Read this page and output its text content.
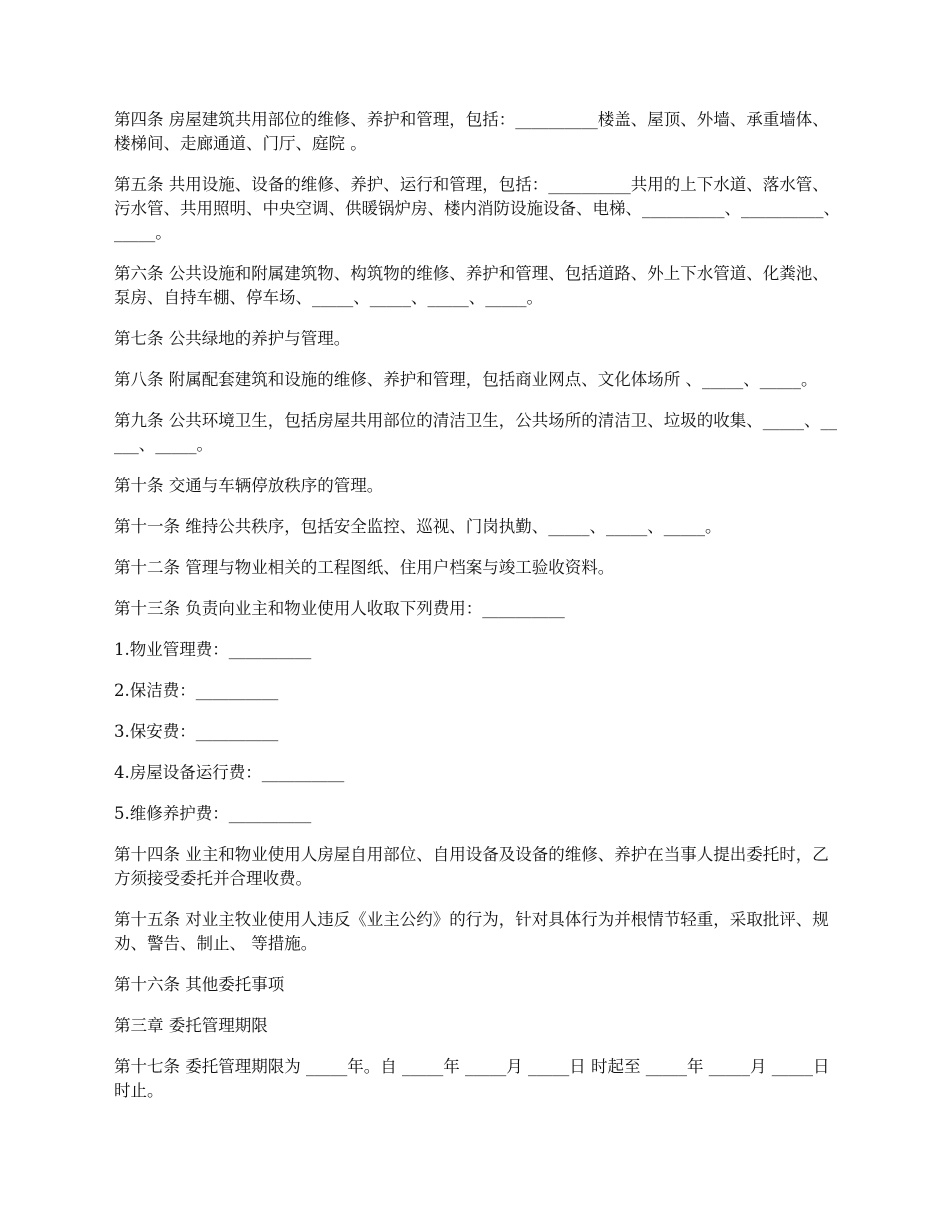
第四条 房屋建筑共用部位的维修、养护和管理，包括：__________楼盖、屋顶、外墙、承重墙体、楼梯间、走廊通道、门厅、庭院 。

第五条 共用设施、设备的维修、养护、运行和管理，包括：__________共用的上下水道、落水管、污水管、共用照明、中央空调、供暖锅炉房、楼内消防设施设备、电梯、__________、__________、_____。

第六条 公共设施和附属建筑物、构筑物的维修、养护和管理、包括道路、外上下水管道、化粪池、泵房、自持车棚、停车场、_____、_____、_____、_____。

第七条 公共绿地的养护与管理。

第八条 附属配套建筑和设施的维修、养护和管理，包括商业网点、文化体场所 、_____、_____。

第九条 公共环境卫生，包括房屋共用部位的清洁卫生，公共场所的清洁卫、垃圾的收集、_____、_____、_____。

第十条 交通与车辆停放秩序的管理。

第十一条 维持公共秩序，包括安全监控、巡视、门岗执勤、_____、_____、_____。

第十二条 管理与物业相关的工程图纸、住用户档案与竣工验收资料。

第十三条 负责向业主和物业使用人收取下列费用：__________

1.物业管理费：__________

2.保洁费：__________

3.保安费：__________

4.房屋设备运行费：__________

5.维修养护费：__________

第十四条 业主和物业使用人房屋自用部位、自用设备及设备的维修、养护在当事人提出委托时，乙方须接受委托并合理收费。

第十五条 对业主牧业使用人违反《业主公约》的行为，针对具体行为并根情节轻重，采取批评、规劝、警告、制止、 等措施。

第十六条 其他委托事项

第三章 委托管理期限

第十七条 委托管理期限为 _____年。自 _____年 _____月 _____日 时起至 _____年 _____月 _____日 时止。
